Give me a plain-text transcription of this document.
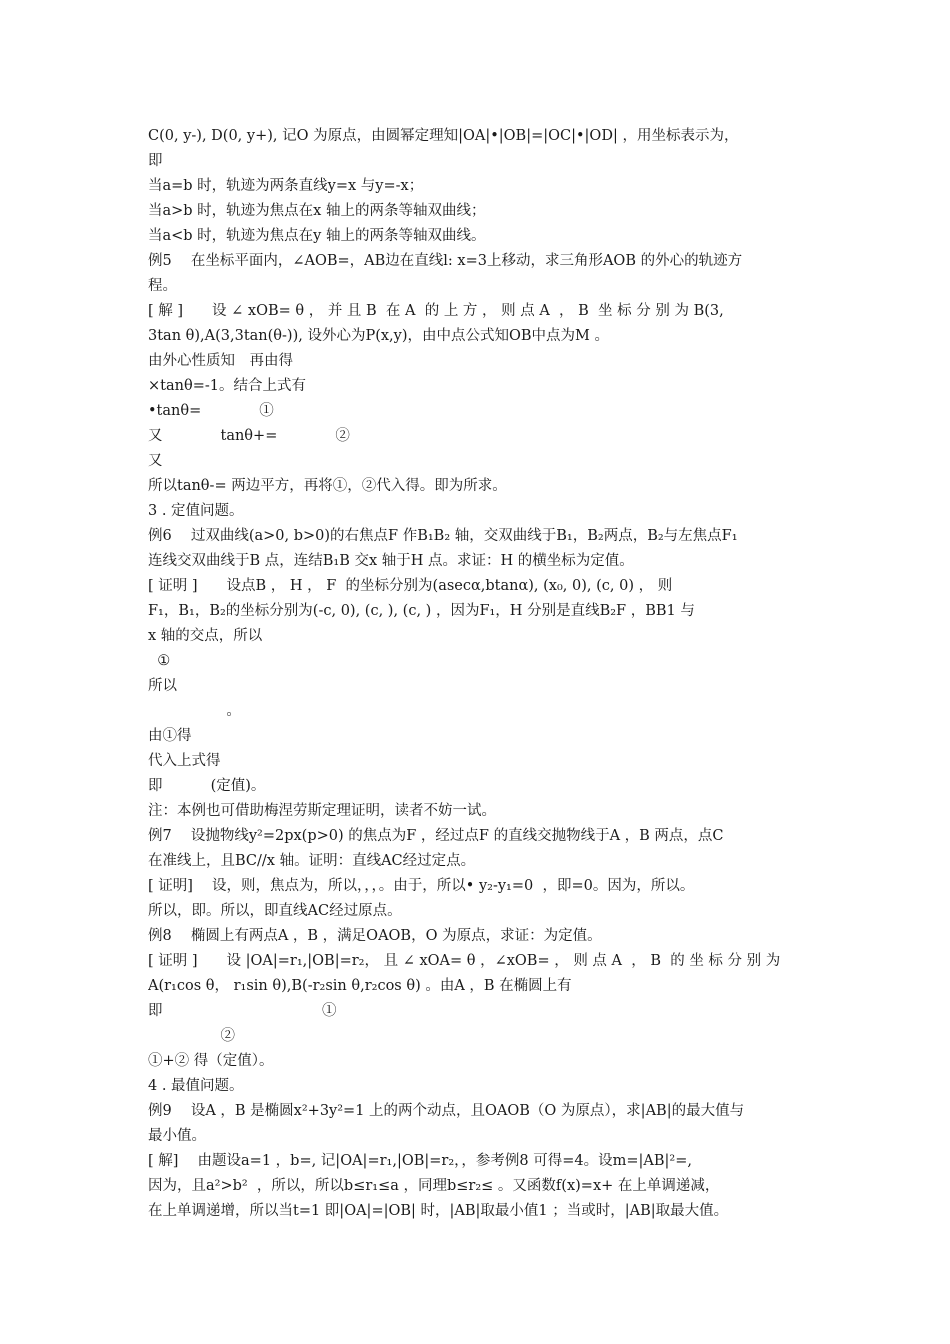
C(0, y-), D(0, y+), 记O 为原点，由圆幂定理知|OA|•|OB|=|OC|•|OD| ，用坐标表示为，
即
当a=b 时，轨迹为两条直线y=x 与y=-x；
当a>b 时，轨迹为焦点在x 轴上的两条等轴双曲线；
当a<b 时，轨迹为焦点在y 轴上的两条等轴双曲线。
例5　 在坐标平面内，∠AOB=，AB边在直线l: x=3上移动，求三角形AOB 的外心的轨迹方
程。
[ 解 ]　　设 ∠ xOB= θ ， 并 且 B  在 A  的 上 方 ， 则 点 A  ， B  坐 标 分 别 为 B(3,
3tan θ),A(3,3tan(θ-)), 设外心为P(x,y)，由中点公式知OB中点为M 。
由外心性质知　再由得
×tanθ=-1。结合上式有
•tanθ=　　　　①
又　　　　tanθ+=　　　　②
又
所以tanθ-= 两边平方，再将①，②代入得。即为所求。
3 . 定值问题。
例6　 过双曲线(a>0, b>0)的右焦点F 作B₁B₂ 轴，交双曲线于B₁，B₂两点，B₂与左焦点F₁
连线交双曲线于B 点，连结B₁B 交x 轴于H 点。求证：H 的横坐标为定值。
[ 证明 ]　　设点B ， H ， F  的坐标分别为(asecα,btanα), (x₀, 0), (c, 0) ， 则
F₁，B₁，B₂的坐标分别为(-c, 0), (c, ), (c, ) ，因为F₁，H 分别是直线B₂F ，BB1 与
x 轴的交点，所以
①
所以
。
由①得
代入上式得
即　　　 (定值)。
注：本例也可借助梅涅劳斯定理证明，读者不妨一试。
例7　 设抛物线y²=2px(p>0) 的焦点为F ，经过点F 的直线交抛物线于A ，B 两点，点C
在准线上，且BC//x 轴。证明：直线AC经过定点。
[ 证明]　 设，则，焦点为，所以，，，。由于，所以• y₂-y₁=0  ，即=0。因为，所以。
所以，即。所以，即直线AC经过原点。
例8　 椭圆上有两点A ，B ，满足OAOB，O 为原点，求证：为定值。
[ 证明 ]　　设 |OA|=r₁,|OB|=r₂， 且 ∠ xOA= θ ，∠xOB= ， 则 点 A  ， B  的 坐 标 分 别 为
A(r₁cos θ， r₁sin θ),B(-r₂sin θ,r₂cos θ) 。由A ，B 在椭圆上有
即　　　　　　　　　　　①
　　　　　②
①+② 得（定值）。
4 . 最值问题。
例9　 设A ，B 是椭圆x²+3y²=1 上的两个动点，且OAOB（O 为原点），求|AB|的最大值与
最小值。
[ 解]　 由题设a=1 ，b=, 记|OA|=r₁,|OB|=r₂，，参考例8 可得=4。设m=|AB|²=,
因为，且a²>b²  ，所以，所以b≤r₁≤a ，同理b≤r₂≤ 。又函数f(x)=x+ 在上单调递减，
在上单调递增，所以当t=1 即|OA|=|OB| 时，|AB|取最小值1 ；当或时，|AB|取最大值。
